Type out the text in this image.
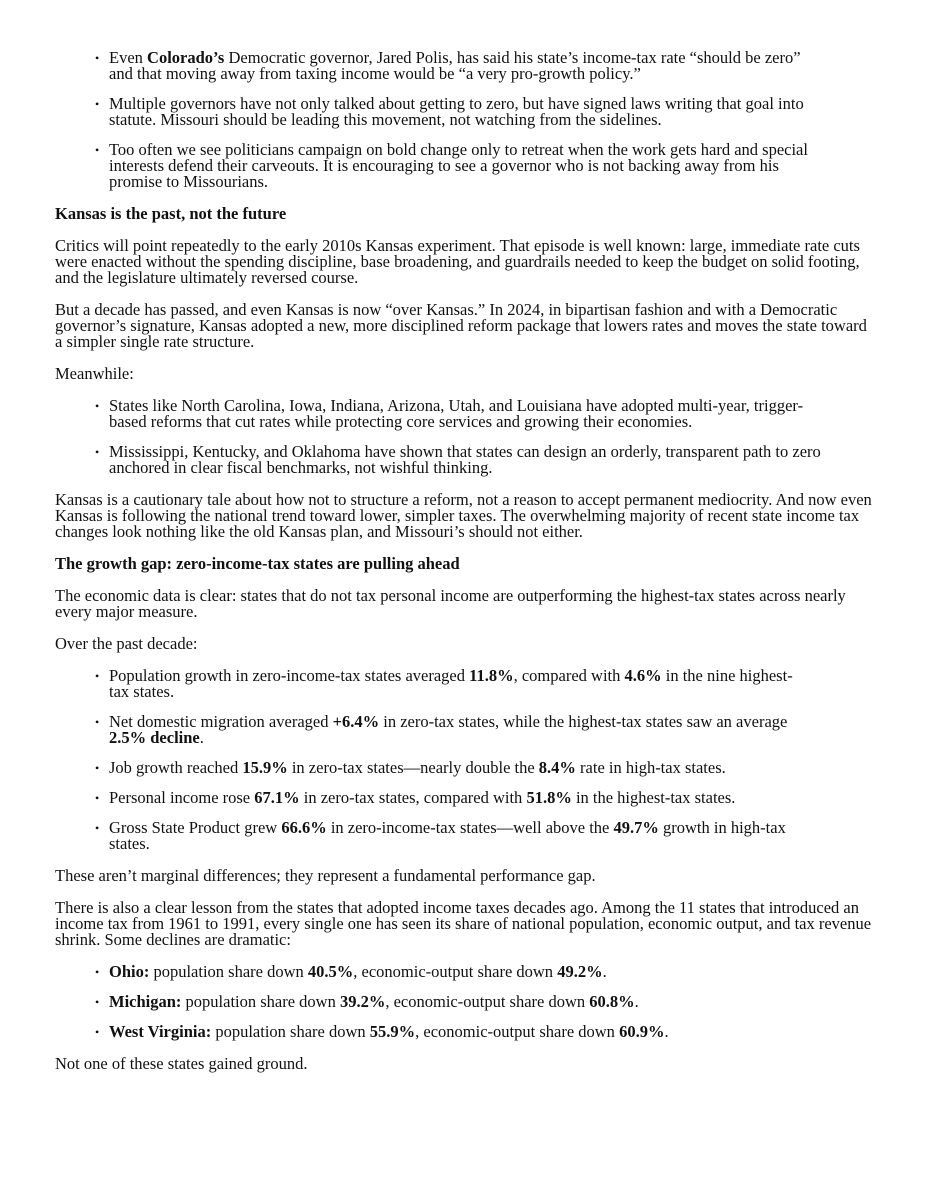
• Even Colorado’s Democratic governor, Jared Polis, has said his state’s income-tax rate “should be zero” and that moving away from taxing income would be “a very pro-growth policy.”
• Multiple governors have not only talked about getting to zero, but have signed laws writing that goal into statute. Missouri should be leading this movement, not watching from the sidelines.
• Too often we see politicians campaign on bold change only to retreat when the work gets hard and special interests defend their carveouts. It is encouraging to see a governor who is not backing away from his promise to Missourians.
Kansas is the past, not the future

Critics will point repeatedly to the early 2010s Kansas experiment. That episode is well known: large, immediate rate cuts were enacted without the spending discipline, base broadening, and guardrails needed to keep the budget on solid footing, and the legislature ultimately reversed course.

But a decade has passed, and even Kansas is now “over Kansas.” In 2024, in bipartisan fashion and with a Democratic governor’s signature, Kansas adopted a new, more disciplined reform package that lowers rates and moves the state toward a simpler single rate structure.

Meanwhile:

• States like North Carolina, Iowa, Indiana, Arizona, Utah, and Louisiana have adopted multi-year, trigger-based reforms that cut rates while protecting core services and growing their economies.
• Mississippi, Kentucky, and Oklahoma have shown that states can design an orderly, transparent path to zero anchored in clear fiscal benchmarks, not wishful thinking.

Kansas is a cautionary tale about how not to structure a reform, not a reason to accept permanent mediocrity. And now even Kansas is following the national trend toward lower, simpler taxes. The overwhelming majority of recent state income tax changes look nothing like the old Kansas plan, and Missouri’s should not either.

The growth gap: zero-income-tax states are pulling ahead

The economic data is clear: states that do not tax personal income are outperforming the highest-tax states across nearly every major measure.

Over the past decade:

• Population growth in zero-income-tax states averaged 11.8%, compared with 4.6% in the nine highest-tax states.
• Net domestic migration averaged +6.4% in zero-tax states, while the highest-tax states saw an average 2.5% decline.
• Job growth reached 15.9% in zero-tax states—nearly double the 8.4% rate in high-tax states.
• Personal income rose 67.1% in zero-tax states, compared with 51.8% in the highest-tax states.
• Gross State Product grew 66.6% in zero-income-tax states—well above the 49.7% growth in high-tax states.

These aren’t marginal differences; they represent a fundamental performance gap.

There is also a clear lesson from the states that adopted income taxes decades ago. Among the 11 states that introduced an income tax from 1961 to 1991, every single one has seen its share of national population, economic output, and tax revenue shrink. Some declines are dramatic:

• Ohio: population share down 40.5%, economic-output share down 49.2%.
• Michigan: population share down 39.2%, economic-output share down 60.8%.
• West Virginia: population share down 55.9%, economic-output share down 60.9%.

Not one of these states gained ground.
